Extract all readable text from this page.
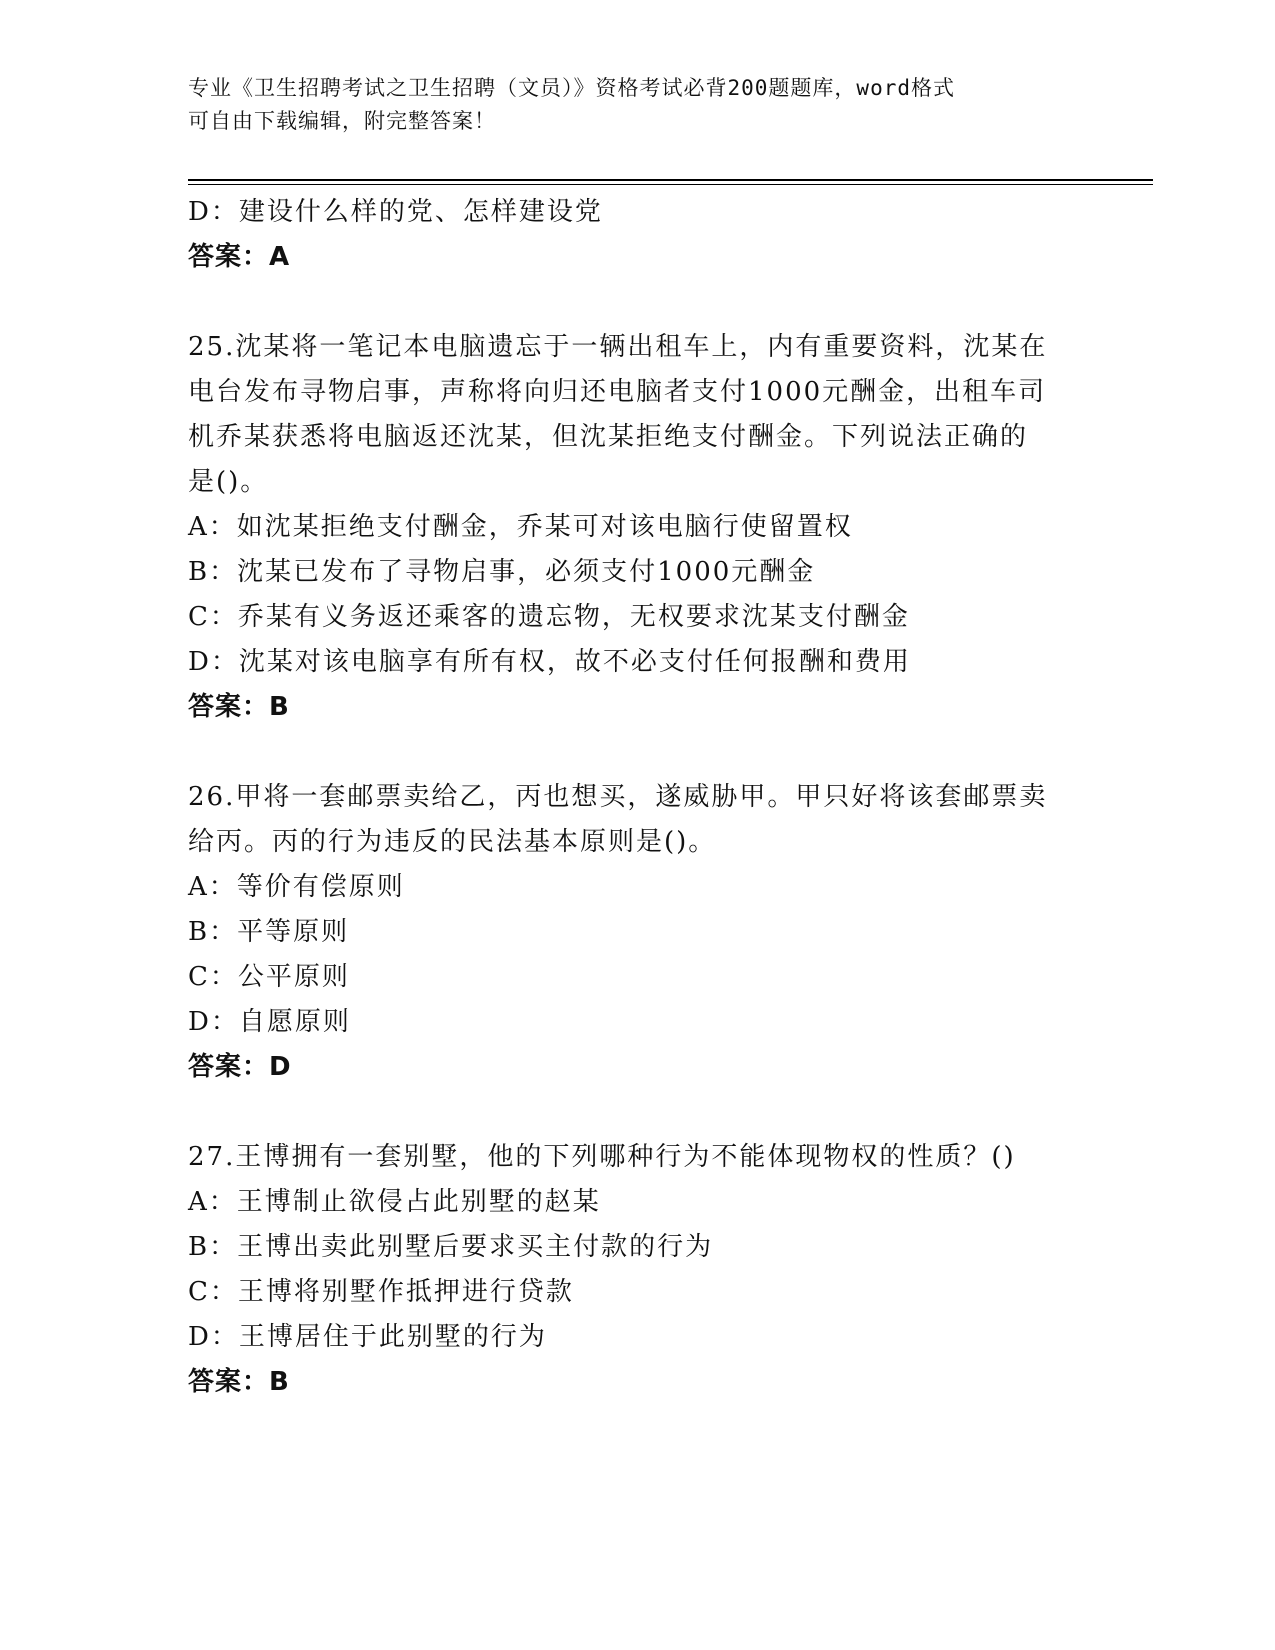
专业《卫生招聘考试之卫生招聘（文员）》资格考试必背200题题库，word格式
可自由下载编辑，附完整答案！
D：建设什么样的党、怎样建设党
答案：A
25.沈某将一笔记本电脑遗忘于一辆出租车上，内有重要资料，沈某在
电台发布寻物启事，声称将向归还电脑者支付1000元酬金，出租车司
机乔某获悉将电脑返还沈某，但沈某拒绝支付酬金。下列说法正确的
是()。
A：如沈某拒绝支付酬金，乔某可对该电脑行使留置权
B：沈某已发布了寻物启事，必须支付1000元酬金
C：乔某有义务返还乘客的遗忘物，无权要求沈某支付酬金
D：沈某对该电脑享有所有权，故不必支付任何报酬和费用
答案：B
26.甲将一套邮票卖给乙，丙也想买，遂威胁甲。甲只好将该套邮票卖
给丙。丙的行为违反的民法基本原则是()。
A：等价有偿原则
B：平等原则
C：公平原则
D：自愿原则
答案：D
27.王博拥有一套别墅，他的下列哪种行为不能体现物权的性质？()
A：王博制止欲侵占此别墅的赵某
B：王博出卖此别墅后要求买主付款的行为
C：王博将别墅作抵押进行贷款
D：王博居住于此别墅的行为
答案：B
